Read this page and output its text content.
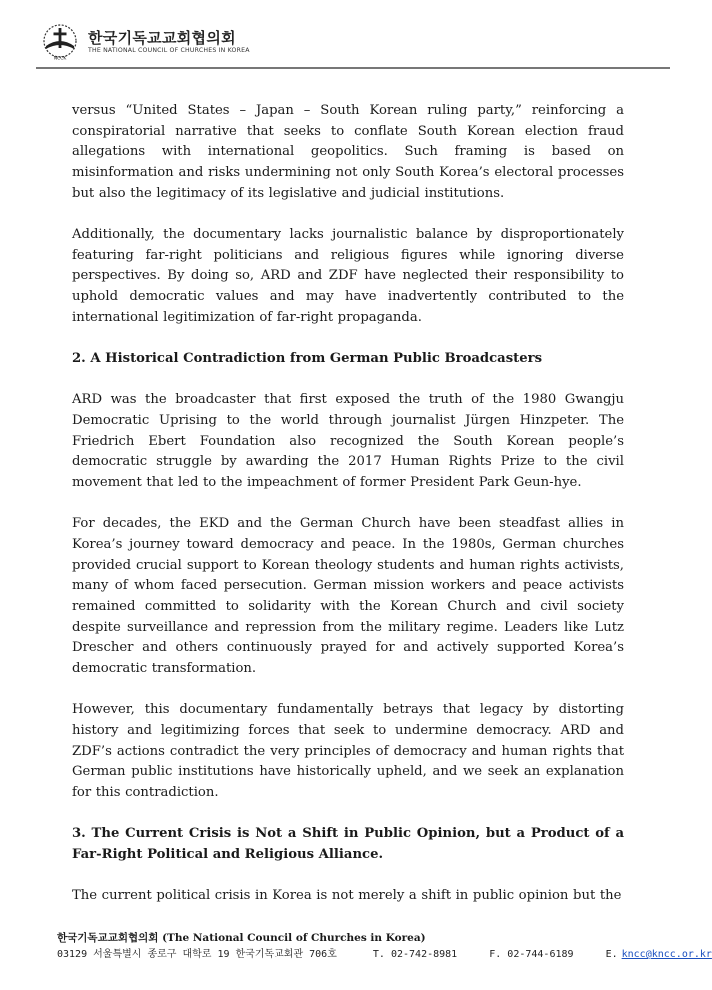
NCCK
한국기독교교회협의회
THE NATIONAL COUNCIL OF CHURCHES IN KOREA

versus “United States – Japan – South Korean ruling party,” reinforcing a conspiratorial narrative that seeks to conflate South Korean election fraud allegations with international geopolitics. Such framing is based on misinformation and risks undermining not only South Korea’s electoral processes but also the legitimacy of its legislative and judicial institutions.

Additionally, the documentary lacks journalistic balance by disproportionately featuring far-right politicians and religious figures while ignoring diverse perspectives. By doing so, ARD and ZDF have neglected their responsibility to uphold democratic values and may have inadvertently contributed to the international legitimization of far-right propaganda.

2. A Historical Contradiction from German Public Broadcasters

ARD was the broadcaster that first exposed the truth of the 1980 Gwangju Democratic Uprising to the world through journalist Jürgen Hinzpeter. The Friedrich Ebert Foundation also recognized the South Korean people’s democratic struggle by awarding the 2017 Human Rights Prize to the civil movement that led to the impeachment of former President Park Geun-hye.

For decades, the EKD and the German Church have been steadfast allies in Korea’s journey toward democracy and peace. In the 1980s, German churches provided crucial support to Korean theology students and human rights activists, many of whom faced persecution. German mission workers and peace activists remained committed to solidarity with the Korean Church and civil society despite surveillance and repression from the military regime. Leaders like Lutz Drescher and others continuously prayed for and actively supported Korea’s democratic transformation.

However, this documentary fundamentally betrays that legacy by distorting history and legitimizing forces that seek to undermine democracy. ARD and ZDF’s actions contradict the very principles of democracy and human rights that German public institutions have historically upheld, and we seek an explanation for this contradiction.

3. The Current Crisis is Not a Shift in Public Opinion, but a Product of a Far-Right Political and Religious Alliance.

The current political crisis in Korea is not merely a shift in public opinion but the

한국기독교교회협의회 (The National Council of Churches in Korea)
03129 서울특별시 종로구 대학로 19 한국기독교회관 706호	T. 02-742-8981	F. 02-744-6189	E. kncc@kncc.or.kr
